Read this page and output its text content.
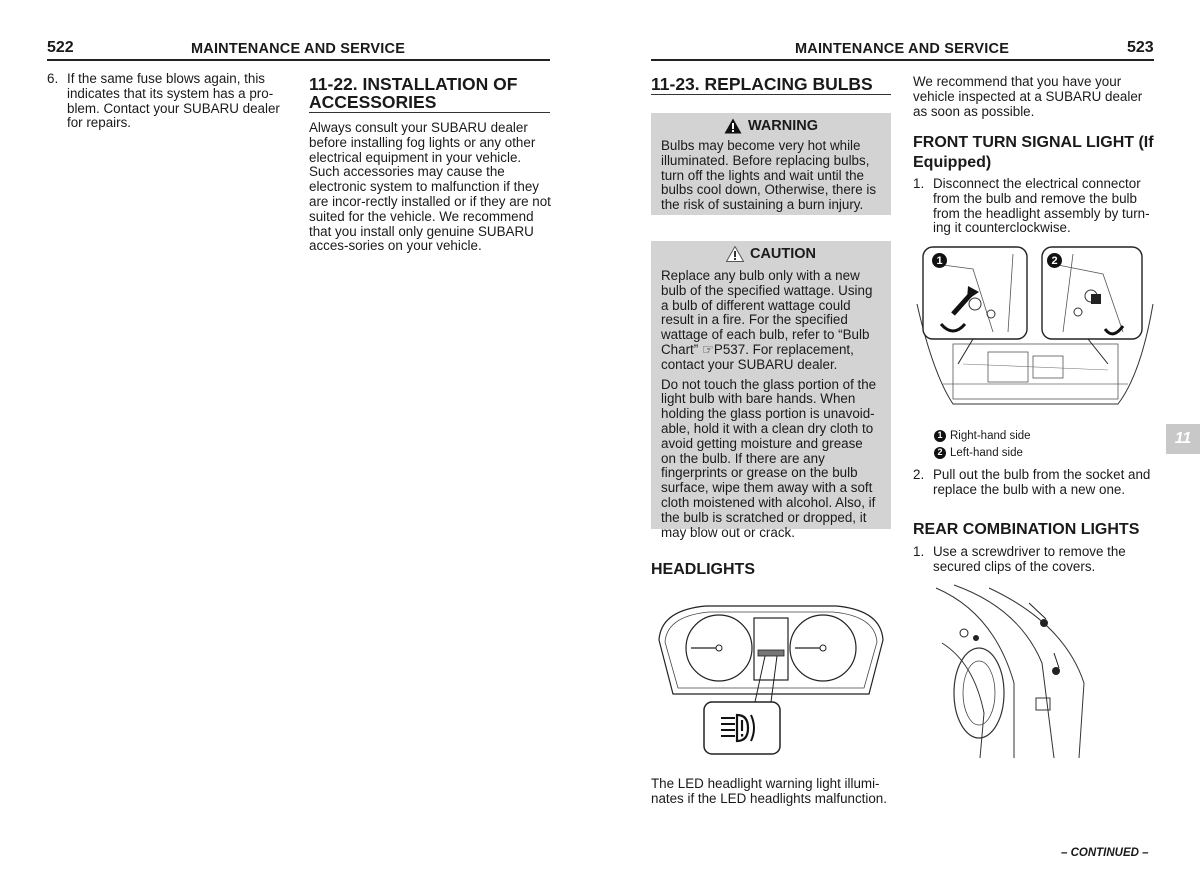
522	MAINTENANCE AND SERVICE
6. If the same fuse blows again, this indicates that its system has a pro-blem. Contact your SUBARU dealer for repairs.
11-22. INSTALLATION OF ACCESSORIES
Always consult your SUBARU dealer before installing fog lights or any other electrical equipment in your vehicle. Such accessories may cause the electronic system to malfunction if they are incor-rectly installed or if they are not suited for the vehicle. We recommend that you install only genuine SUBARU acces-sories on your vehicle.
MAINTENANCE AND SERVICE	523
11-23. REPLACING BULBS
WARNING
Bulbs may become very hot while illuminated. Before replacing bulbs, turn off the lights and wait until the bulbs cool down, Otherwise, there is the risk of sustaining a burn injury.
CAUTION

Replace any bulb only with a new bulb of the specified wattage. Using a bulb of different wattage could result in a fire. For the specified wattage of each bulb, refer to “Bulb Chart” ☞P537. For replacement, contact your SUBARU dealer.

Do not touch the glass portion of the light bulb with bare hands. When holding the glass portion is unavoid-able, hold it with a clean dry cloth to avoid getting moisture and grease on the bulb. If there are any fingerprints or grease on the bulb surface, wipe them away with a soft cloth moistened with alcohol. Also, if the bulb is scratched or dropped, it may blow out or crack.

HEADLIGHTS
The LED headlight warning light illumi-nates if the LED headlights malfunction.
We recommend that you have your vehicle inspected at a SUBARU dealer as soon as possible.
FRONT TURN SIGNAL LIGHT (If Equipped)
1. Disconnect the electrical connector from the bulb and remove the bulb from the headlight assembly by turn-ing it counterclockwise.
1	2
1 Right-hand side
2 Left-hand side
2. Pull out the bulb from the socket and replace the bulb with a new one.
REAR COMBINATION LIGHTS
1. Use a screwdriver to remove the secured clips of the covers.
11
– CONTINUED –
